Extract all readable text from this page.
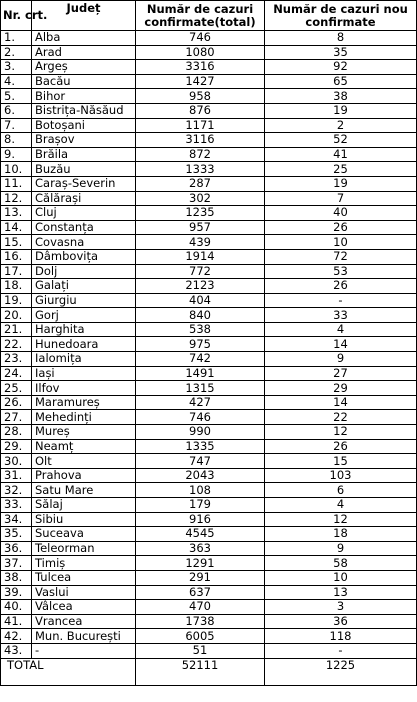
Nr. crt.	Județ	Număr de cazuri confirmate(total)	Număr de cazuri nou confirmate
1.	Alba	746	8
2.	Arad	1080	35
3.	Argeș	3316	92
4.	Bacău	1427	65
5.	Bihor	958	38
6.	Bistrița-Năsăud	876	19
7.	Botoșani	1171	2
8.	Brașov	3116	52
9.	Brăila	872	41
10.	Buzău	1333	25
11.	Caraș-Severin	287	19
12.	Călărași	302	7
13.	Cluj	1235	40
14.	Constanța	957	26
15.	Covasna	439	10
16.	Dâmbovița	1914	72
17.	Dolj	772	53
18.	Galați	2123	26
19.	Giurgiu	404	-
20.	Gorj	840	33
21.	Harghita	538	4
22.	Hunedoara	975	14
23.	Ialomița	742	9
24.	Iași	1491	27
25.	Ilfov	1315	29
26.	Maramureș	427	14
27.	Mehedinți	746	22
28.	Mureș	990	12
29.	Neamț	1335	26
30.	Olt	747	15
31.	Prahova	2043	103
32.	Satu Mare	108	6
33.	Sălaj	179	4
34.	Sibiu	916	12
35.	Suceava	4545	18
36.	Teleorman	363	9
37.	Timiș	1291	58
38.	Tulcea	291	10
39.	Vaslui	637	13
40.	Vâlcea	470	3
41.	Vrancea	1738	36
42.	Mun. București	6005	118
43.	-	51	-
TOTAL		52111	1225
